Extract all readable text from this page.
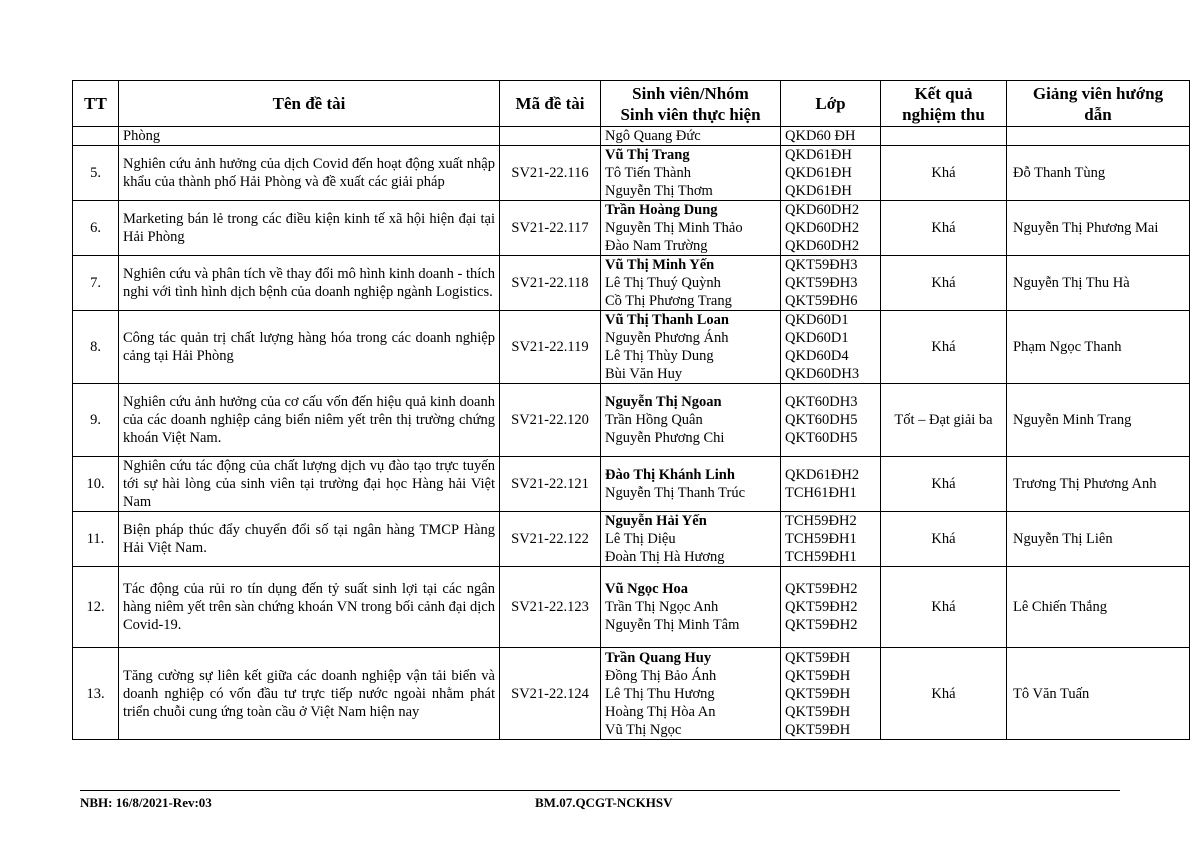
TT	Tên đề tài	Mã đề tài	Sinh viên/Nhóm
Sinh viên thực hiện	Lớp	Kết quả
nghiệm thu	Giảng viên hướng
dẫn

	Phòng		Ngô Quang Đức	QKD60 ĐH		
5.	Nghiên cứu ảnh hưởng của dịch Covid đến hoạt động xuất nhập khẩu của thành phố Hải Phòng và đề xuất các giải pháp	SV21-22.116	Vũ Thị Trang
Tô Tiến Thành
Nguyễn Thị Thơm	QKD61ĐH
QKD61ĐH
QKD61ĐH	Khá	Đỗ Thanh Tùng
6.	Marketing bán lẻ trong các điều kiện kinh tế xã hội hiện đại tại Hải Phòng	SV21-22.117	Trần Hoàng Dung
Nguyễn Thị Minh Thảo
Đào Nam Trường	QKD60DH2
QKD60DH2
QKD60DH2	Khá	Nguyễn Thị Phương Mai
7.	Nghiên cứu và phân tích về thay đổi mô hình kinh doanh - thích nghi với tình hình dịch bệnh của doanh nghiệp ngành Logistics.	SV21-22.118	Vũ Thị Minh Yến
Lê Thị Thuý Quỳnh
Cồ Thị Phương Trang	QKT59ĐH3
QKT59ĐH3
QKT59ĐH6	Khá	Nguyễn Thị Thu Hà
8.	Công tác quản trị chất lượng hàng hóa trong các doanh nghiệp cảng tại Hải Phòng	SV21-22.119	Vũ Thị Thanh Loan
Nguyễn Phương Ánh
Lê Thị Thùy Dung
Bùi Văn Huy	QKD60D1
QKD60D1
QKD60D4
QKD60DH3	Khá	Phạm Ngọc Thanh
9.	Nghiên cứu ảnh hưởng của cơ cấu vốn đến hiệu quả kinh doanh của các doanh nghiệp cảng biển niêm yết trên thị trường chứng khoán Việt Nam.	SV21-22.120	Nguyễn Thị Ngoan
Trần Hồng Quân
Nguyễn Phương Chi	QKT60DH3
QKT60DH5
QKT60DH5	Tốt – Đạt giải ba	Nguyễn Minh Trang
10.	Nghiên cứu tác động của chất lượng dịch vụ đào tạo trực tuyến tới sự hài lòng của sinh viên tại trường đại học Hàng hải Việt Nam	SV21-22.121	Đào Thị Khánh Linh
Nguyễn Thị Thanh Trúc	QKD61ĐH2
TCH61ĐH1	Khá	Trương Thị Phương Anh
11.	Biện pháp thúc đẩy chuyển đổi số tại ngân hàng TMCP Hàng Hải Việt Nam.	SV21-22.122	Nguyễn Hải Yến
Lê Thị Diệu
Đoàn Thị Hà Hương	TCH59ĐH2
TCH59ĐH1
TCH59ĐH1	Khá	Nguyễn Thị Liên
12.	Tác động của rủi ro tín dụng đến tỷ suất sinh lợi tại các ngân hàng niêm yết trên sàn chứng khoán VN trong bối cảnh đại dịch Covid-19.	SV21-22.123	Vũ Ngọc Hoa
Trần Thị Ngọc Anh
Nguyễn Thị Minh Tâm	QKT59ĐH2
QKT59ĐH2
QKT59ĐH2	Khá	Lê Chiến Thắng
13.	Tăng cường sự liên kết giữa các doanh nghiệp vận tải biển và doanh nghiệp có vốn đầu tư trực tiếp nước ngoài nhằm phát triển chuỗi cung ứng toàn cầu ở Việt Nam hiện nay	SV21-22.124	Trần Quang Huy
Đồng Thị Bảo Ánh
Lê Thị Thu Hương
Hoàng Thị Hòa An
Vũ Thị Ngọc	QKT59ĐH
QKT59ĐH
QKT59ĐH
QKT59ĐH
QKT59ĐH	Khá	Tô Văn Tuấn
NBH: 16/8/2021-Rev:03	BM.07.QCGT-NCKHSV
